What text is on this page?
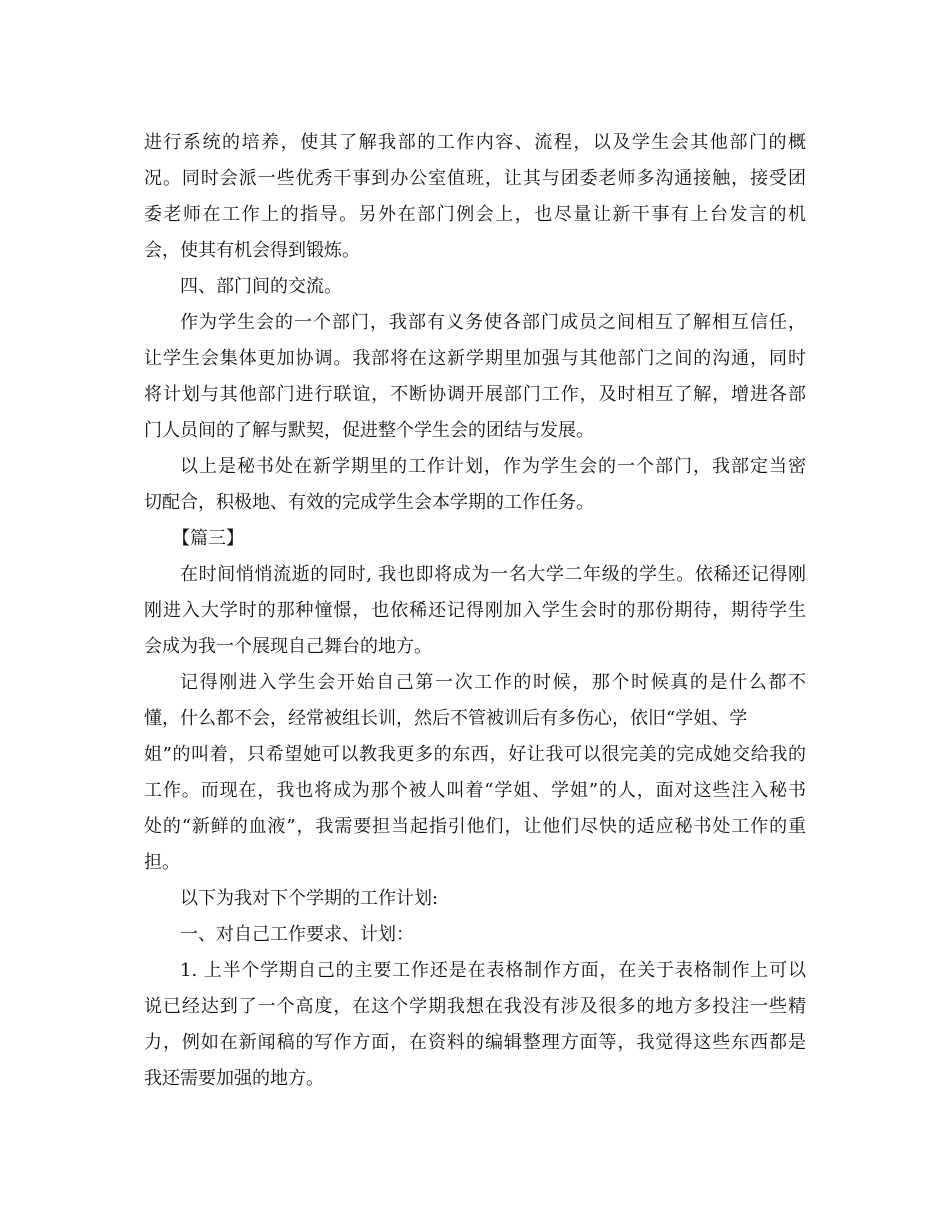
进行系统的培养，使其了解我部的工作内容、流程，以及学生会其他部门的概
况。同时会派一些优秀干事到办公室值班，让其与团委老师多沟通接触，接受团
委老师在工作上的指导。另外在部门例会上，也尽量让新干事有上台发言的机
会，使其有机会得到锻炼。
四、部门间的交流。
作为学生会的一个部门，我部有义务使各部门成员之间相互了解相互信任，
让学生会集体更加协调。我部将在这新学期里加强与其他部门之间的沟通，同时
将计划与其他部门进行联谊，不断协调开展部门工作，及时相互了解，增进各部
门人员间的了解与默契，促进整个学生会的团结与发展。
以上是秘书处在新学期里的工作计划，作为学生会的一个部门，我部定当密
切配合，积极地、有效的完成学生会本学期的工作任务。
【篇三】
在时间悄悄流逝的同时, 我也即将成为一名大学二年级的学生。依稀还记得刚
刚进入大学时的那种憧憬，也依稀还记得刚加入学生会时的那份期待，期待学生
会成为我一个展现自己舞台的地方。
记得刚进入学生会开始自己第一次工作的时候，那个时候真的是什么都不
懂，什么都不会，经常被组长训，然后不管被训后有多伤心，依旧“学姐、学
姐”的叫着，只希望她可以教我更多的东西，好让我可以很完美的完成她交给我的
工作。而现在，我也将成为那个被人叫着“学姐、学姐”的人，面对这些注入秘书
处的“新鲜的血液”，我需要担当起指引他们，让他们尽快的适应秘书处工作的重
担。
以下为我对下个学期的工作计划:
一、对自己工作要求、计划：
1. 上半个学期自己的主要工作还是在表格制作方面，在关于表格制作上可以
说已经达到了一个高度，在这个学期我想在我没有涉及很多的地方多投注一些精
力，例如在新闻稿的写作方面，在资料的编辑整理方面等，我觉得这些东西都是
我还需要加强的地方。
